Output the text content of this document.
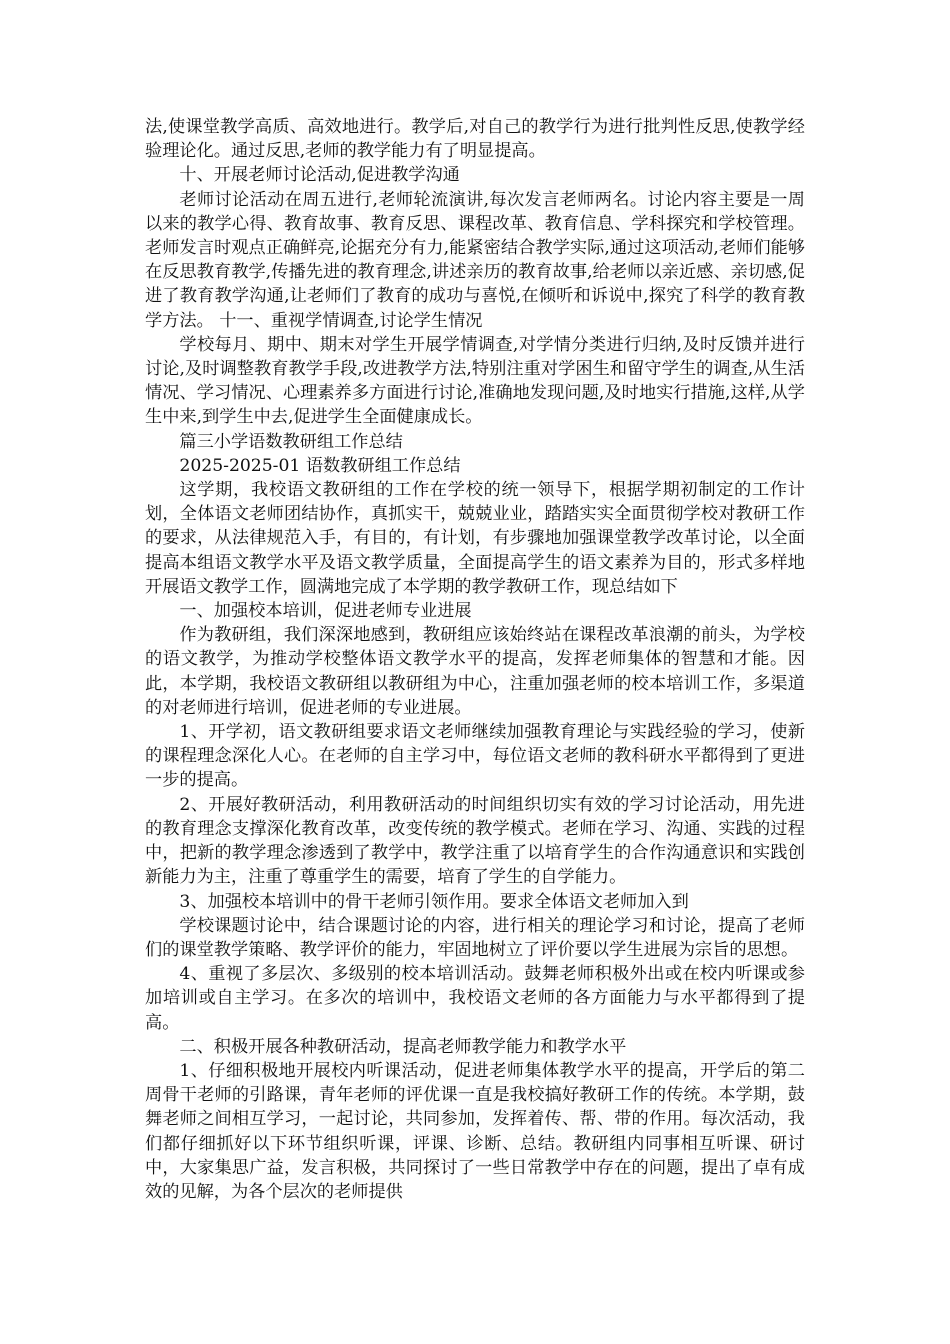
法,使课堂教学高质、高效地进行。教学后,对自己的教学行为进行批判性反思,使教学经验理论化。通过反思,老师的教学能力有了明显提高。

十、开展老师讨论活动,促进教学沟通

老师讨论活动在周五进行,老师轮流演讲,每次发言老师两名。讨论内容主要是一周以来的教学心得、教育故事、教育反思、课程改革、教育信息、学科探究和学校管理。老师发言时观点正确鲜亮,论据充分有力,能紧密结合教学实际,通过这项活动,老师们能够在反思教育教学,传播先进的教育理念,讲述亲历的教育故事,给老师以亲近感、亲切感,促进了教育教学沟通,让老师们了教育的成功与喜悦,在倾听和诉说中,探究了科学的教育教学方法。 十一、重视学情调查,讨论学生情况

学校每月、期中、期末对学生开展学情调查,对学情分类进行归纳,及时反馈并进行讨论,及时调整教育教学手段,改进教学方法,特别注重对学困生和留守学生的调查,从生活情况、学习情况、心理素养多方面进行讨论,准确地发现问题,及时地实行措施,这样,从学生中来,到学生中去,促进学生全面健康成长。

篇三小学语数教研组工作总结

2025-2025-01 语数教研组工作总结

这学期，我校语文教研组的工作在学校的统一领导下，根据学期初制定的工作计划，全体语文老师团结协作，真抓实干，兢兢业业，踏踏实实全面贯彻学校对教研工作的要求，从法律规范入手，有目的，有计划，有步骤地加强课堂教学改革讨论，以全面提高本组语文教学水平及语文教学质量，全面提高学生的语文素养为目的，形式多样地开展语文教学工作，圆满地完成了本学期的教学教研工作，现总结如下

一、加强校本培训，促进老师专业进展

作为教研组，我们深深地感到，教研组应该始终站在课程改革浪潮的前头，为学校的语文教学，为推动学校整体语文教学水平的提高，发挥老师集体的智慧和才能。因此，本学期，我校语文教研组以教研组为中心，注重加强老师的校本培训工作，多渠道的对老师进行培训，促进老师的专业进展。

1、开学初，语文教研组要求语文老师继续加强教育理论与实践经验的学习，使新的课程理念深化人心。在老师的自主学习中，每位语文老师的教科研水平都得到了更进一步的提高。

2、开展好教研活动，利用教研活动的时间组织切实有效的学习讨论活动，用先进的教育理念支撑深化教育改革，改变传统的教学模式。老师在学习、沟通、实践的过程中，把新的教学理念渗透到了教学中，教学注重了以培育学生的合作沟通意识和实践创新能力为主，注重了尊重学生的需要，培育了学生的自学能力。

3、加强校本培训中的骨干老师引领作用。要求全体语文老师加入到

学校课题讨论中，结合课题讨论的内容，进行相关的理论学习和讨论，提高了老师们的课堂教学策略、教学评价的能力，牢固地树立了评价要以学生进展为宗旨的思想。

4、重视了多层次、多级别的校本培训活动。鼓舞老师积极外出或在校内听课或参加培训或自主学习。在多次的培训中，我校语文老师的各方面能力与水平都得到了提高。

二、积极开展各种教研活动，提高老师教学能力和教学水平

1、仔细积极地开展校内听课活动，促进老师集体教学水平的提高，开学后的第二周骨干老师的引路课，青年老师的评优课一直是我校搞好教研工作的传统。本学期，鼓舞老师之间相互学习，一起讨论，共同参加，发挥着传、帮、带的作用。每次活动，我们都仔细抓好以下环节组织听课，评课、诊断、总结。教研组内同事相互听课、研讨中，大家集思广益，发言积极，共同探讨了一些日常教学中存在的问题，提出了卓有成效的见解，为各个层次的老师提供
